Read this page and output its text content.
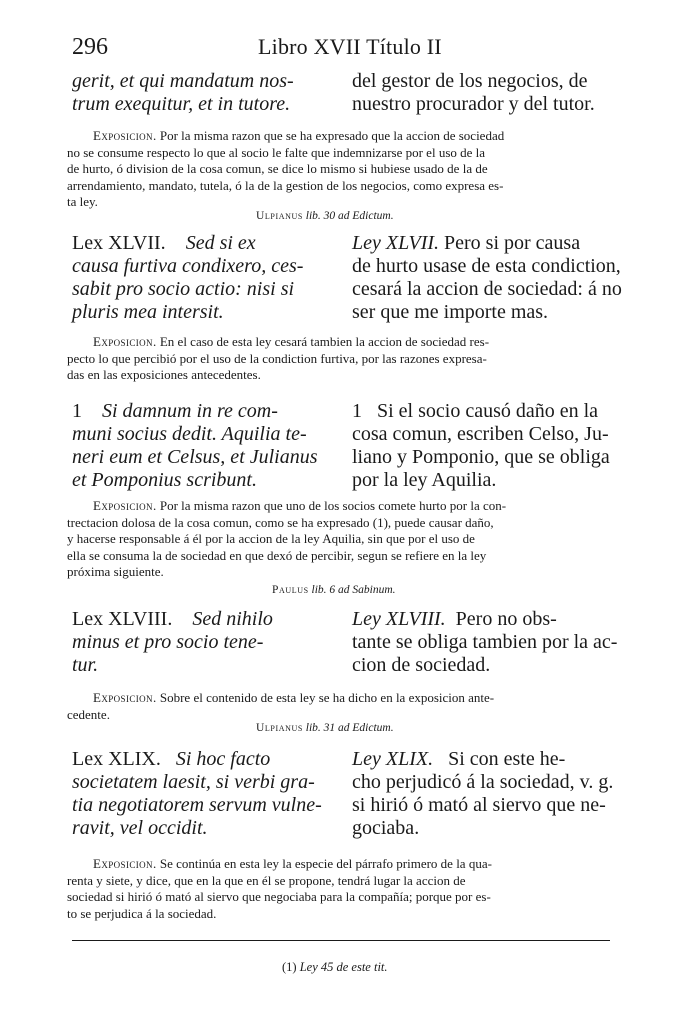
296	Libro XVII Título II
gerit, et qui mandatum nos-
trum exequitur, et in tutore.
del gestor de los negocios, de
nuestro procurador y del tutor.
Exposicion. Por la misma razon que se ha expresado que la accion de sociedad
no se consume respecto lo que al socio le falte que indemnizarse por el uso de la
de hurto, ó division de la cosa comun, se dice lo mismo si hubiese usado de la de
arrendamiento, mandato, tutela, ó la de la gestion de los negocios, como expresa es-
ta ley.
Ulpianus lib. 30 ad Edictum.
Lex XLVII. Sed si ex
causa furtiva condixero, ces-
sabit pro socio actio: nisi si
pluris mea intersit.
Ley XLVII. Pero si por causa
de hurto usase de esta condiction,
cesará la accion de sociedad: á no
ser que me importe mas.
Exposicion. En el caso de esta ley cesará tambien la accion de sociedad res-
pecto lo que percibió por el uso de la condiction furtiva, por las razones expresa-
das en las exposiciones antecedentes.
1 Si damnum in re com-
muni socius dedit. Aquilia te-
neri eum et Celsus, et Julianus
et Pomponius scribunt.
1 Si el socio causó daño en la
cosa comun, escriben Celso, Ju-
liano y Pomponio, que se obliga
por la ley Aquilia.
Exposicion. Por la misma razon que uno de los socios comete hurto por la con-
trectacion dolosa de la cosa comun, como se ha expresado (1), puede causar daño,
y hacerse responsable á él por la accion de la ley Aquilia, sin que por el uso de
ella se consuma la de sociedad en que dexó de percibir, segun se refiere en la ley
próxima siguiente.
Paulus lib. 6 ad Sabinum.
Lex XLVIII. Sed nihilo
minus et pro socio tene-
tur.
Ley XLVIII. Pero no obs-
tante se obliga tambien por la ac-
cion de sociedad.
Exposicion. Sobre el contenido de esta ley se ha dicho en la exposicion ante-
cedente.
Ulpianus lib. 31 ad Edictum.
Lex XLIX. Si hoc facto
societatem laesit, si verbi gra-
tia negotiatorem servum vulne-
ravit, vel occidit.
Ley XLIX. Si con este he-
cho perjudicó á la sociedad, v. g.
si hirió ó mató al siervo que ne-
gociaba.
Exposicion. Se continúa en esta ley la especie del párrafo primero de la qua-
renta y siete, y dice, que en la que en él se propone, tendrá lugar la accion de
sociedad si hirió ó mató al siervo que negociaba para la compañía; porque por es-
to se perjudica á la sociedad.
(1) Ley 45 de este tit.
